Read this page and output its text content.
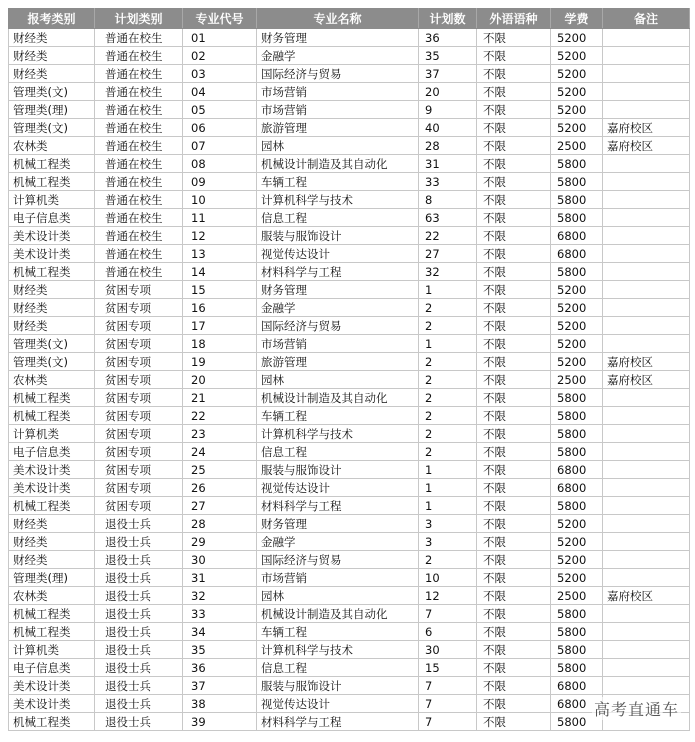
报考类别	计划类别	专业代号	专业名称	计划数	外语语种	学费	备注
财经类	普通在校生	01	财务管理	36	不限	5200	
财经类	普通在校生	02	金融学	35	不限	5200	
财经类	普通在校生	03	国际经济与贸易	37	不限	5200	
管理类(文)	普通在校生	04	市场营销	20	不限	5200	
管理类(理)	普通在校生	05	市场营销	9	不限	5200	
管理类(文)	普通在校生	06	旅游管理	40	不限	5200	嘉府校区
农林类	普通在校生	07	园林	28	不限	2500	嘉府校区
机械工程类	普通在校生	08	机械设计制造及其自动化	31	不限	5800	
机械工程类	普通在校生	09	车辆工程	33	不限	5800	
计算机类	普通在校生	10	计算机科学与技术	8	不限	5800	
电子信息类	普通在校生	11	信息工程	63	不限	5800	
美术设计类	普通在校生	12	服装与服饰设计	22	不限	6800	
美术设计类	普通在校生	13	视觉传达设计	27	不限	6800	
机械工程类	普通在校生	14	材料科学与工程	32	不限	5800	
财经类	贫困专项	15	财务管理	1	不限	5200	
财经类	贫困专项	16	金融学	2	不限	5200	
财经类	贫困专项	17	国际经济与贸易	2	不限	5200	
管理类(文)	贫困专项	18	市场营销	1	不限	5200	
管理类(文)	贫困专项	19	旅游管理	2	不限	5200	嘉府校区
农林类	贫困专项	20	园林	2	不限	2500	嘉府校区
机械工程类	贫困专项	21	机械设计制造及其自动化	2	不限	5800	
机械工程类	贫困专项	22	车辆工程	2	不限	5800	
计算机类	贫困专项	23	计算机科学与技术	2	不限	5800	
电子信息类	贫困专项	24	信息工程	2	不限	5800	
美术设计类	贫困专项	25	服装与服饰设计	1	不限	6800	
美术设计类	贫困专项	26	视觉传达设计	1	不限	6800	
机械工程类	贫困专项	27	材料科学与工程	1	不限	5800	
财经类	退役士兵	28	财务管理	3	不限	5200	
财经类	退役士兵	29	金融学	3	不限	5200	
财经类	退役士兵	30	国际经济与贸易	2	不限	5200	
管理类(理)	退役士兵	31	市场营销	10	不限	5200	
农林类	退役士兵	32	园林	12	不限	2500	嘉府校区
机械工程类	退役士兵	33	机械设计制造及其自动化	7	不限	5800	
机械工程类	退役士兵	34	车辆工程	6	不限	5800	
计算机类	退役士兵	35	计算机科学与技术	30	不限	5800	
电子信息类	退役士兵	36	信息工程	15	不限	5800	
美术设计类	退役士兵	37	服装与服饰设计	7	不限	6800	
美术设计类	退役士兵	38	视觉传达设计	7	不限	6800	
机械工程类	退役士兵	39	材料科学与工程	7	不限	5800	
高考直通车
